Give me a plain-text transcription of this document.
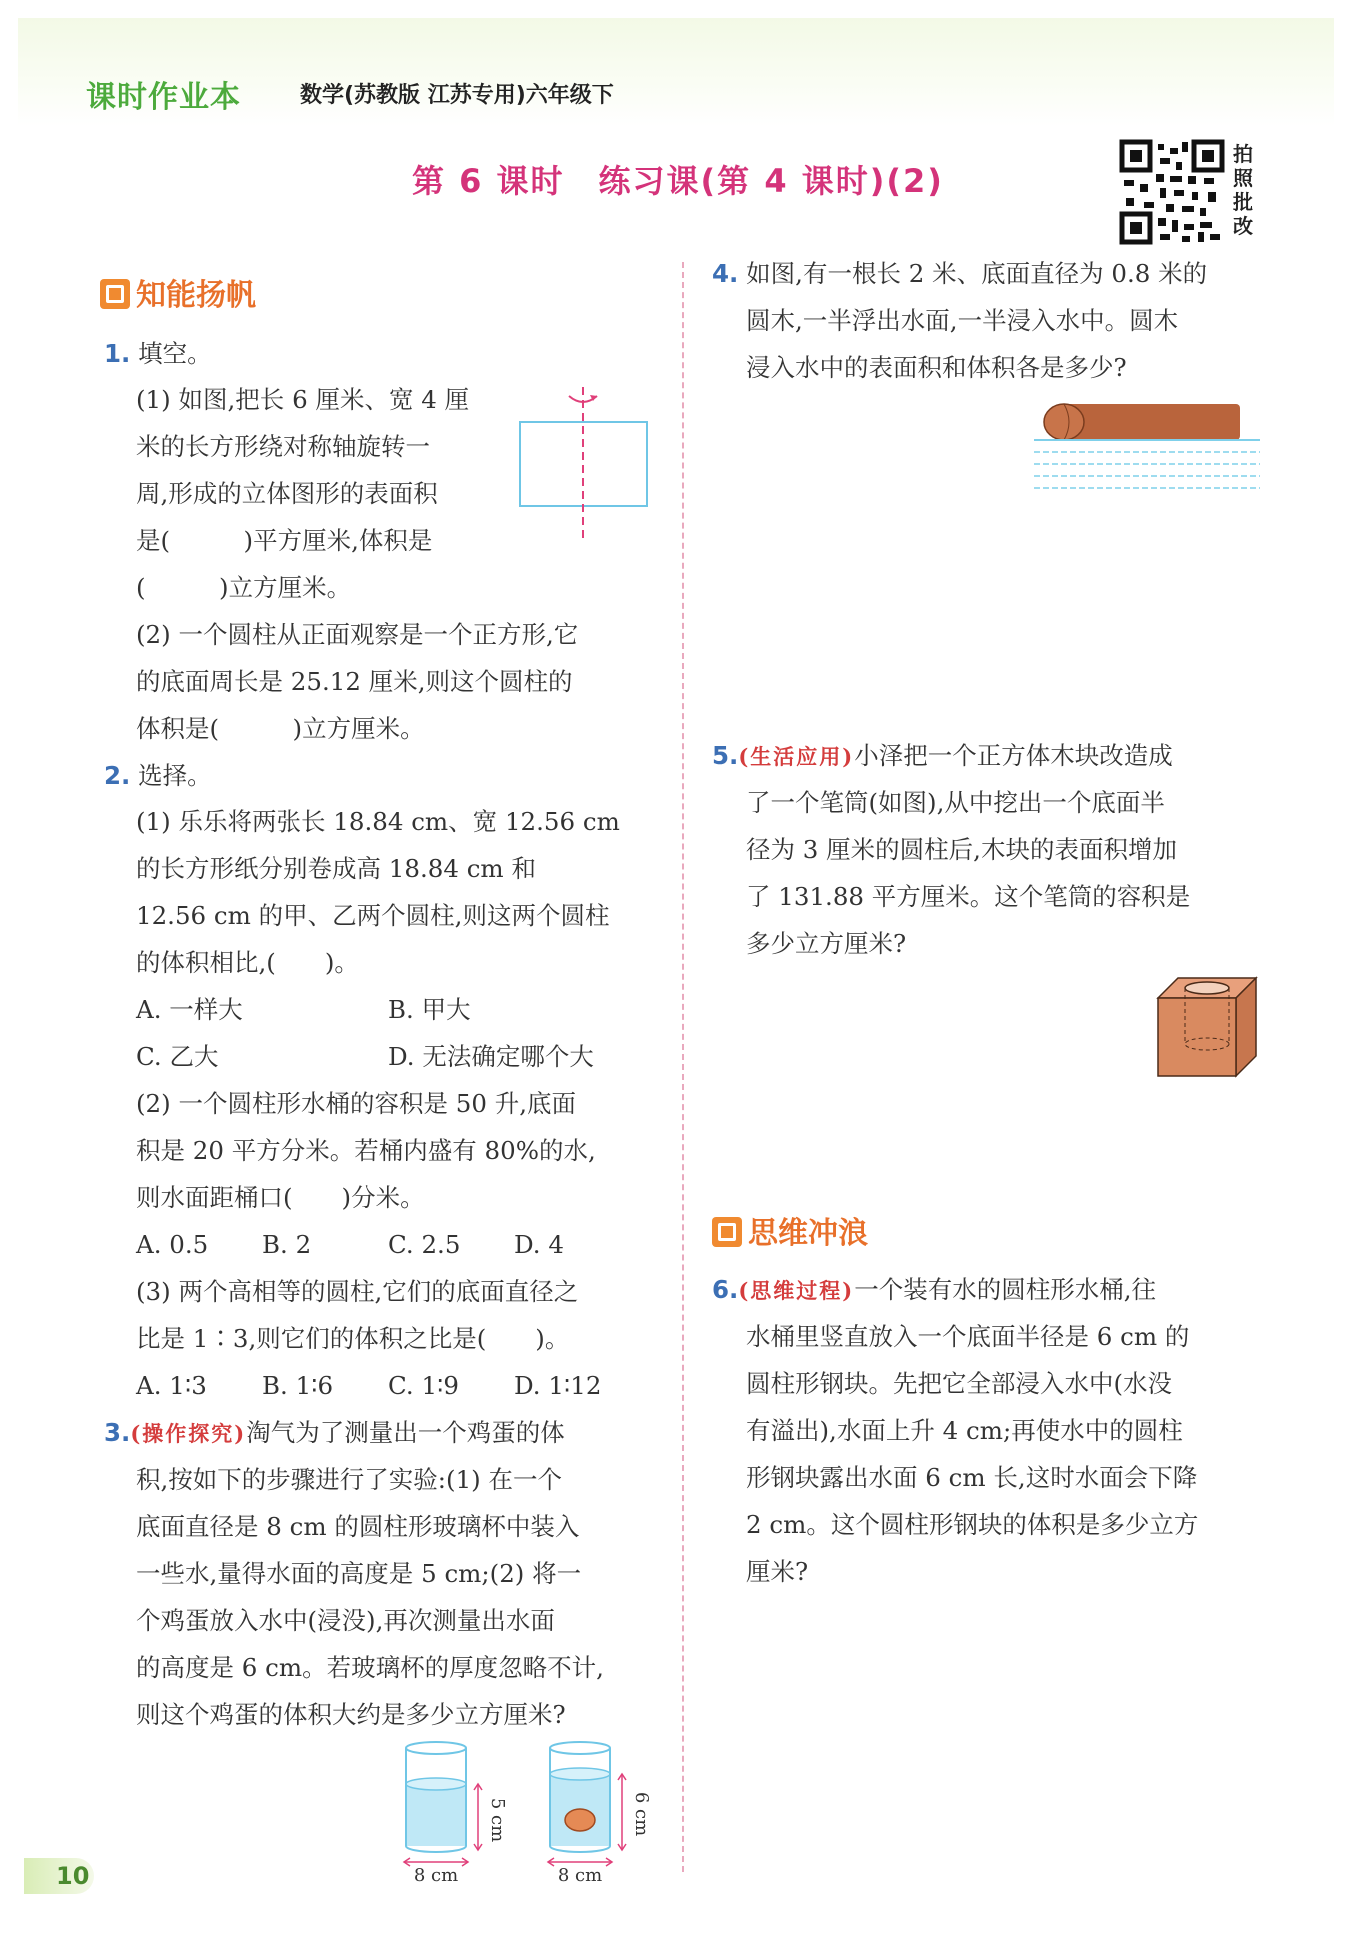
课时作业本	数学(苏教版 江苏专用)六年级下
第 6 课时　练习课(第 4 课时)(2)
拍
照
批
改
知能扬帆
1. 填空。
(1) 如图,把长 6 厘米、宽 4 厘
米的长方形绕对称轴旋转一
周,形成的立体图形的表面积
是(　　　)平方厘米,体积是
(　　　)立方厘米。
(2) 一个圆柱从正面观察是一个正方形,它
的底面周长是 25.12 厘米,则这个圆柱的
体积是(　　　)立方厘米。
2. 选择。
(1) 乐乐将两张长 18.84 cm、宽 12.56 cm
的长方形纸分别卷成高 18.84 cm 和
12.56 cm 的甲、乙两个圆柱,则这两个圆柱
的体积相比,(　　)。
A. 一样大	B. 甲大
C. 乙大	D. 无法确定哪个大
(2) 一个圆柱形水桶的容积是 50 升,底面
积是 20 平方分米。若桶内盛有 80%的水,
则水面距桶口(　　)分米。
A. 0.5 B. 2	C. 2.5 D. 4
(3) 两个高相等的圆柱,它们的底面直径之
比是 1∶3,则它们的体积之比是(　　)。
A. 1∶3 B. 1∶6 C. 1∶9 D. 1∶12
3.(操作探究)淘气为了测量出一个鸡蛋的体
积,按如下的步骤进行了实验:(1) 在一个
底面直径是 8 cm 的圆柱形玻璃杯中装入
一些水,量得水面的高度是 5 cm;(2) 将一
个鸡蛋放入水中(浸没),再次测量出水面
的高度是 6 cm。若玻璃杯的厚度忽略不计,
则这个鸡蛋的体积大约是多少立方厘米?
5 cm
8 cm
6 cm
8 cm
4. 如图,有一根长 2 米、底面直径为 0.8 米的
圆木,一半浮出水面,一半浸入水中。圆木
浸入水中的表面积和体积各是多少?
5.(生活应用)小泽把一个正方体木块改造成
了一个笔筒(如图),从中挖出一个底面半
径为 3 厘米的圆柱后,木块的表面积增加
了 131.88 平方厘米。这个笔筒的容积是
多少立方厘米?
思维冲浪
6.(思维过程)一个装有水的圆柱形水桶,往
水桶里竖直放入一个底面半径是 6 cm 的
圆柱形钢块。先把它全部浸入水中(水没
有溢出),水面上升 4 cm;再使水中的圆柱
形钢块露出水面 6 cm 长,这时水面会下降
2 cm。这个圆柱形钢块的体积是多少立方
厘米?
10
